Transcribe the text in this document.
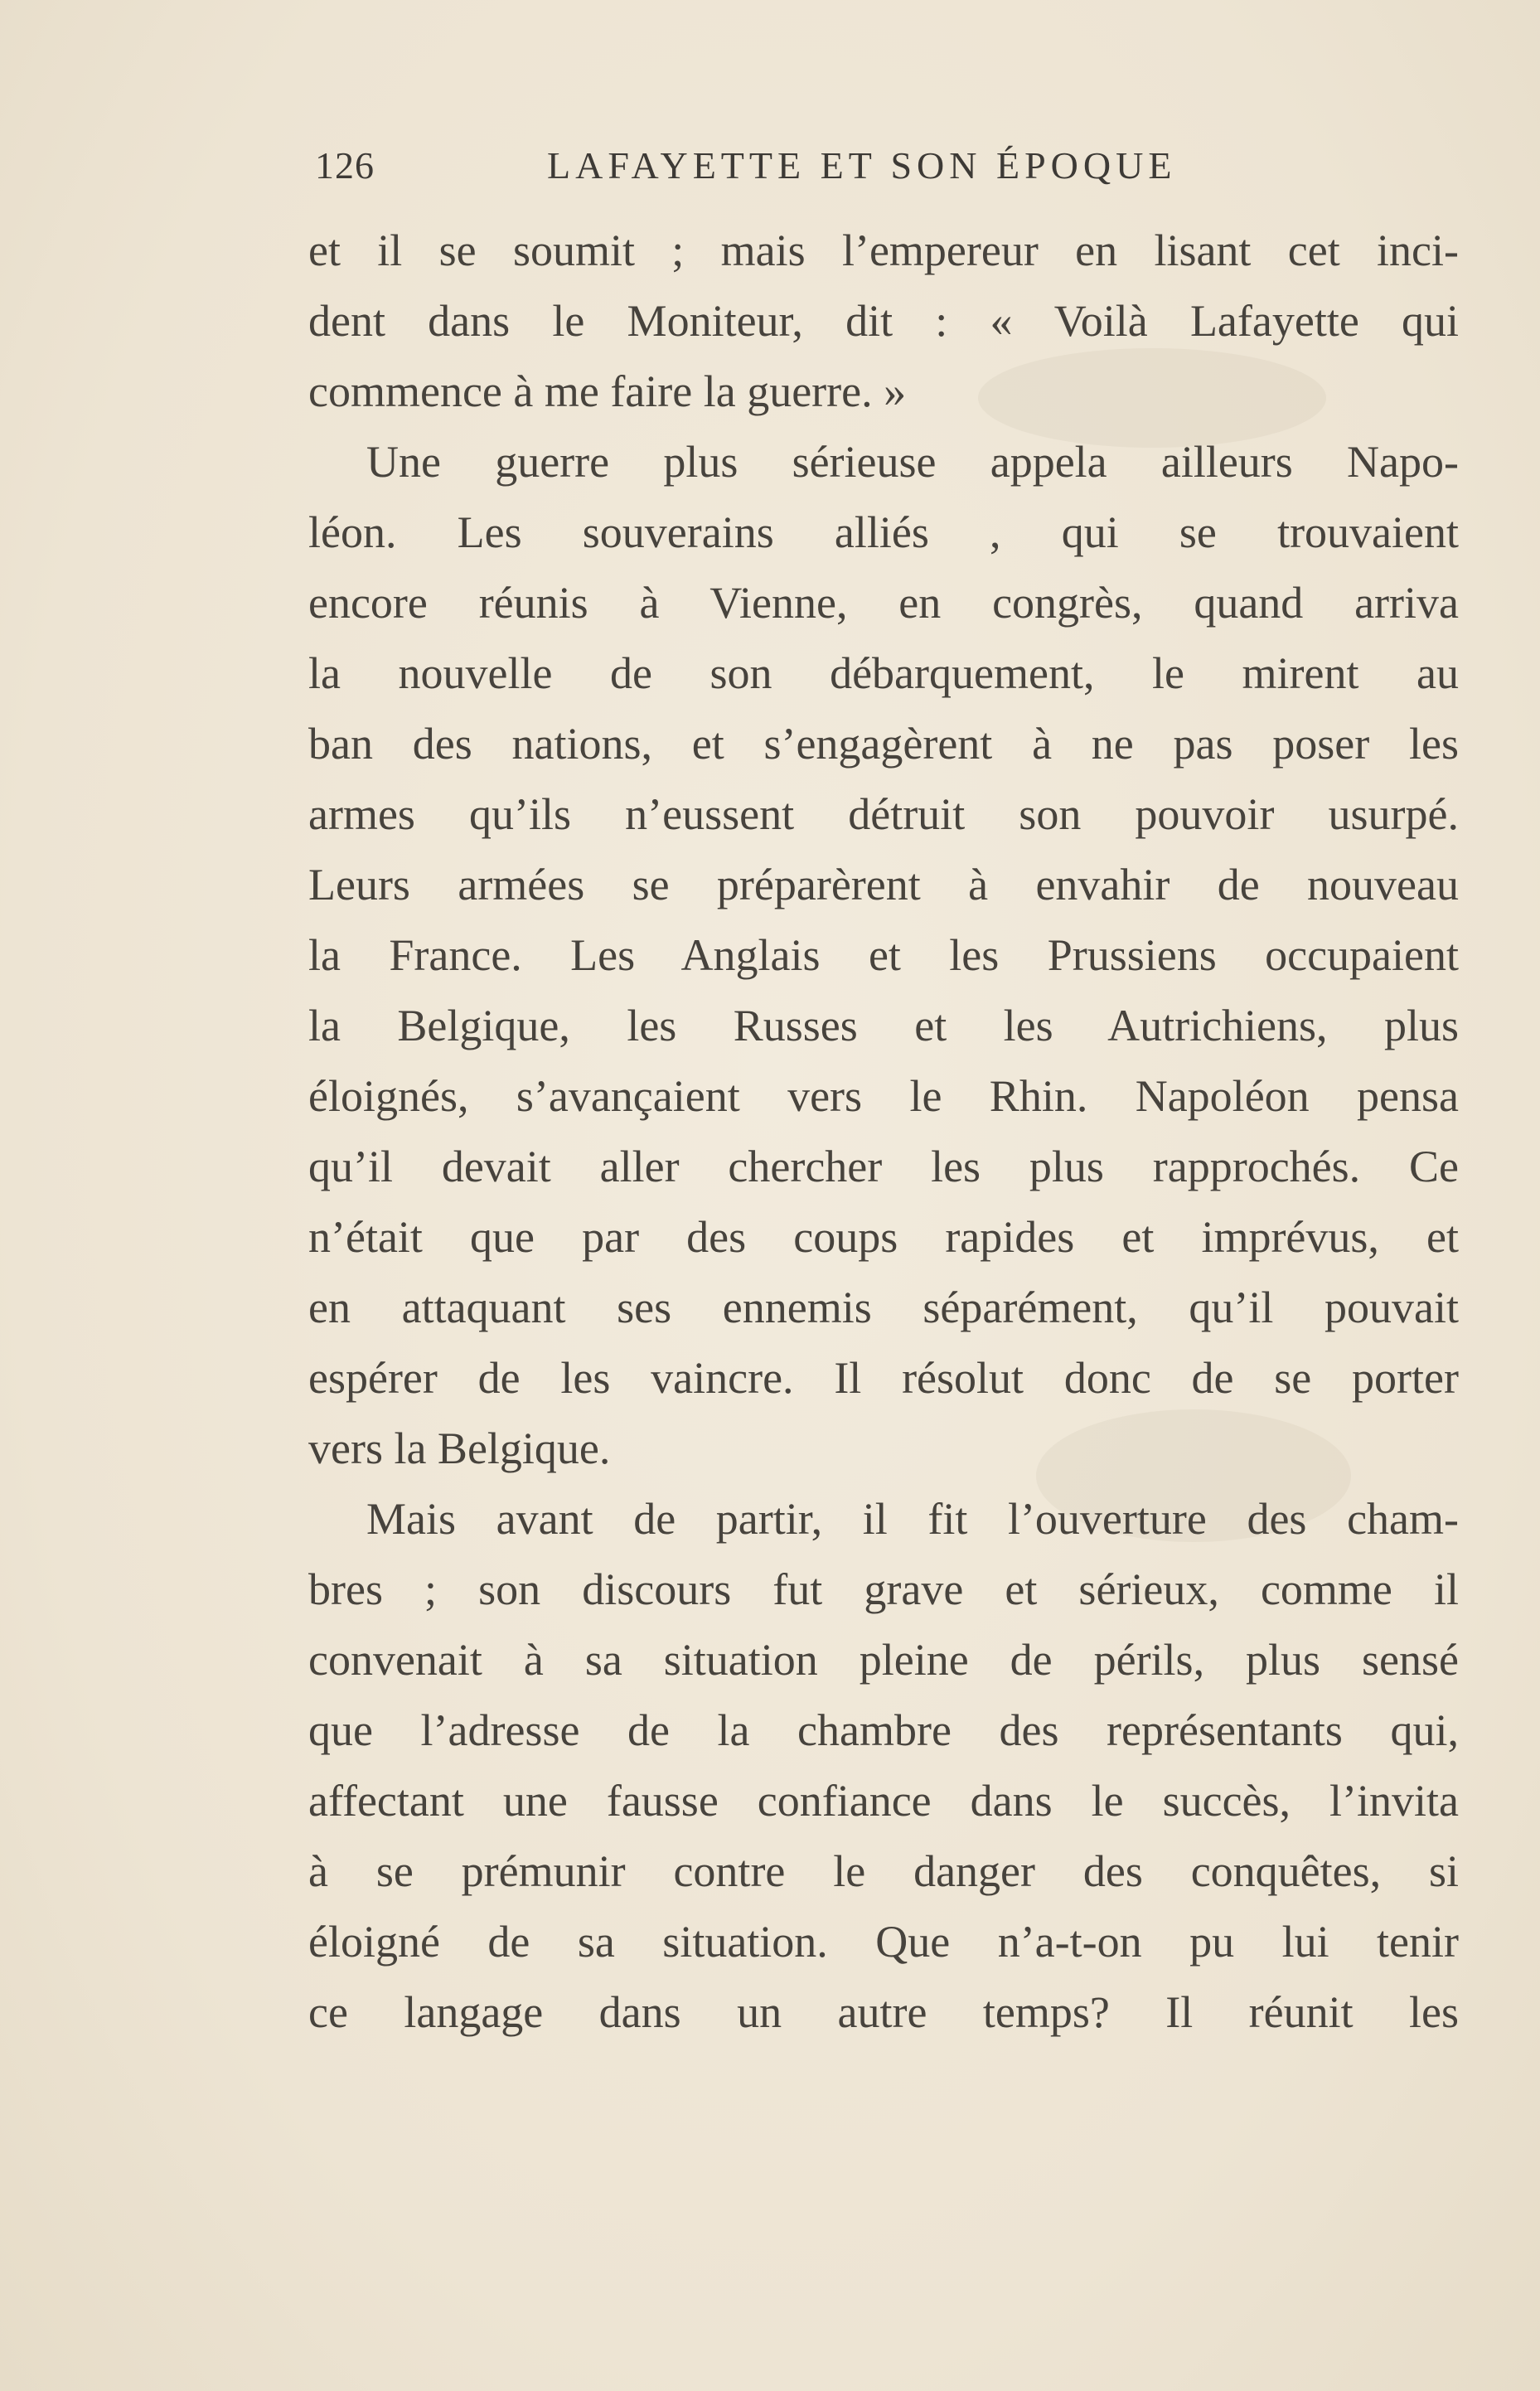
126	LAFAYETTE ET SON ÉPOQUE
et il se soumit ; mais l’empereur en lisant cet inci-
dent dans le Moniteur, dit : « Voilà Lafayette qui
commence à me faire la guerre. »
Une guerre plus sérieuse appela ailleurs Napo-
léon. Les souverains alliés , qui se trouvaient
encore réunis à Vienne, en congrès, quand arriva
la nouvelle de son débarquement, le mirent au
ban des nations, et s’engagèrent à ne pas poser les
armes qu’ils n’eussent détruit son pouvoir usurpé.
Leurs armées se préparèrent à envahir de nouveau
la France. Les Anglais et les Prussiens occupaient
la Belgique, les Russes et les Autrichiens, plus
éloignés, s’avançaient vers le Rhin. Napoléon pensa
qu’il devait aller chercher les plus rapprochés. Ce
n’était que par des coups rapides et imprévus, et
en attaquant ses ennemis séparément, qu’il pouvait
espérer de les vaincre. Il résolut donc de se porter
vers la Belgique.
Mais avant de partir, il fit l’ouverture des cham-
bres ; son discours fut grave et sérieux, comme il
convenait à sa situation pleine de périls, plus sensé
que l’adresse de la chambre des représentants qui,
affectant une fausse confiance dans le succès, l’invita
à se prémunir contre le danger des conquêtes, si
éloigné de sa situation. Que n’a-t-on pu lui tenir
ce langage dans un autre temps? Il réunit les
